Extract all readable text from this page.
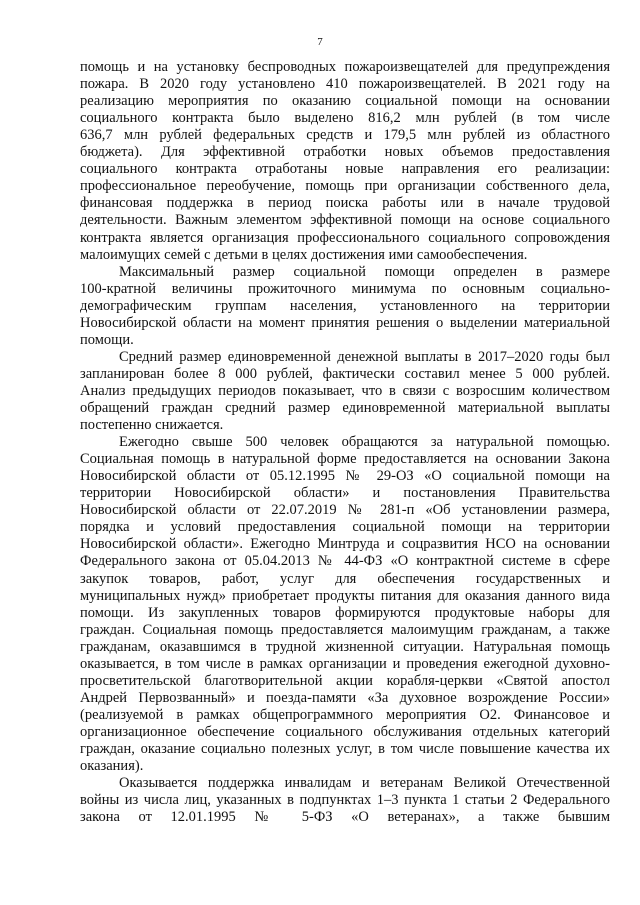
7
помощь и на установку беспроводных пожароизвещателей для предупреждения
пожара. В 2020 году установлено 410 пожароизвещателей. В 2021 году на
реализацию мероприятия по оказанию социальной помощи на основании
социального контракта было выделено 816,2 млн рублей (в том числе
636,7 млн рублей федеральных средств и 179,5 млн рублей из областного
бюджета). Для эффективной отработки новых объемов предоставления
социального контракта отработаны новые направления его реализации:
профессиональное переобучение, помощь при организации собственного дела,
финансовая поддержка в период поиска работы или в начале трудовой
деятельности. Важным элементом эффективной помощи на основе социального
контракта является организация профессионального социального сопровождения
малоимущих семей с детьми в целях достижения ими самообеспечения.
Максимальный размер социальной помощи определен в размере
100-кратной величины прожиточного минимума по основным социально-
демографическим группам населения, установленного на территории
Новосибирской области на момент принятия решения о выделении материальной
помощи.
Средний размер единовременной денежной выплаты в 2017–2020 годы был
запланирован более 8 000 рублей, фактически составил менее 5 000 рублей.
Анализ предыдущих периодов показывает, что в связи с возросшим количеством
обращений граждан средний размер единовременной материальной выплаты
постепенно снижается.
Ежегодно свыше 500 человек обращаются за натуральной помощью.
Социальная помощь в натуральной форме предоставляется на основании Закона
Новосибирской области от 05.12.1995 № 29-ОЗ «О социальной помощи на
территории Новосибирской области» и постановления Правительства
Новосибирской области от 22.07.2019 № 281-п «Об установлении размера,
порядка и условий предоставления социальной помощи на территории
Новосибирской области». Ежегодно Минтруда и соцразвития НСО на основании
Федерального закона от 05.04.2013 № 44-ФЗ «О контрактной системе в сфере
закупок товаров, работ, услуг для обеспечения государственных и
муниципальных нужд» приобретает продукты питания для оказания данного вида
помощи. Из закупленных товаров формируются продуктовые наборы для
граждан. Социальная помощь предоставляется малоимущим гражданам, а также
гражданам, оказавшимся в трудной жизненной ситуации. Натуральная помощь
оказывается, в том числе в рамках организации и проведения ежегодной духовно-
просветительской благотворительной акции корабля-церкви «Святой апостол
Андрей Первозванный» и поезда-памяти «За духовное возрождение России»
(реализуемой в рамках общепрограммного мероприятия О2. Финансовое и
организационное обеспечение социального обслуживания отдельных категорий
граждан, оказание социально полезных услуг, в том числе повышение качества их
оказания).
Оказывается поддержка инвалидам и ветеранам Великой Отечественной
войны из числа лиц, указанных в подпунктах 1–3 пункта 1 статьи 2 Федерального
закона от 12.01.1995 № 5-ФЗ «О ветеранах», а также бывшим
